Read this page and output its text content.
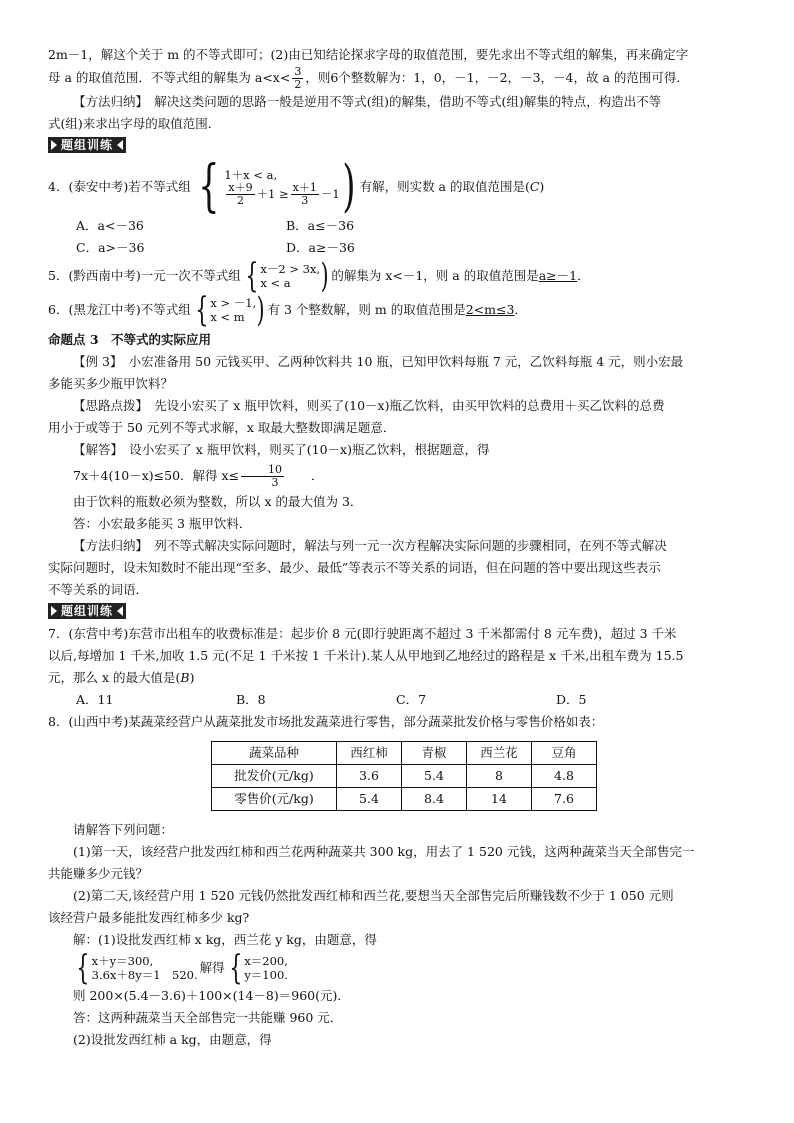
2m－1，解这个关于 m 的不等式即可；(2)由已知结论探求字母的取值范围，要先求出不等式组的解集，再来确定字

母 a 的取值范围．不等式组的解集为 $a<x< \frac{3}{2}$ ，则6个整数解为：1，0，－1，－2，－3，－4，故 a 的范围可得．

【方法归纳】　解决这类问题的思路一般是逆用不等式(组)的解集，借助不等式(组)解集的特点，构造出不等

式(组)来求出字母的取值范围．

题组训练
4．(泰安中考)若不等式组 { 1＋x < a,
$\frac{x+9}{2} +1 \ge \frac{x+1}{3} -1$ ) 有解，则实数 a 的取值范围是( C )
A．a<－36	B．a≤－36
C．a>－36	D．a≥－36
5．(黔西南中考)一元一次不等式组 { x－2 > 3x,
x < a ) 的解集为 x<－1，则 a 的取值范围是 a≥－1 ．
6．(黑龙江中考)不等式组 { x > －1,
x < m ) 有 3 个整数解，则 m 的取值范围是 2<m≤3 ．

命题点 3　不等式的实际应用

【例 3】　小宏准备用 50 元钱买甲、乙两种饮料共 10 瓶，已知甲饮料每瓶 7 元，乙饮料每瓶 4 元，则小宏最

多能买多少瓶甲饮料？

【思路点拨】　先设小宏买了 x 瓶甲饮料，则买了(10－x)瓶乙饮料，由买甲饮料的总费用＋买乙饮料的总费

用小于或等于 50 元列不等式求解，x 取最大整数即满足题意．

【解答】　设小宏买了 x 瓶甲饮料，则买了(10－x)瓶乙饮料，根据题意，得

7x＋4(10－x)≤50．解得 $x\le \frac{10}{3}$	．

由于饮料的瓶数必须为整数，所以 x 的最大值为 3．

答：小宏最多能买 3 瓶甲饮料．

【方法归纳】　列不等式解决实际问题时，解法与列一元一次方程解决实际问题的步骤相同，在列不等式解决

实际问题时，设未知数时不能出现“至多、最少、最低”等表示不等关系的词语，但在问题的答中要出现这些表示

不等关系的词语．

题组训练

7．(东营中考)东营市出租车的收费标准是：起步价 8 元(即行驶距离不超过 3 千米都需付 8 元车费)，超过 3 千米

以后,每增加 1 千米,加收 1.5 元(不足 1 千米按 1 千米计).某人从甲地到乙地经过的路程是 x 千米,出租车费为 15.5

元，那么 x 的最大值是(B)

A．11	B．8	C．7	D．5

8．(山西中考)某蔬菜经营户从蔬菜批发市场批发蔬菜进行零售，部分蔬菜批发价格与零售价格如表：

蔬菜品种	西红柿	青椒	西兰花	豆角
批发价(元/kg)	3.6	5.4	8	4.8
零售价(元/kg)	5.4	8.4	14	7.6

请解答下列问题：

(1)第一天，该经营户批发西红柿和西兰花两种蔬菜共 300 kg，用去了 1 520 元钱，这两种蔬菜当天全部售完一

共能赚多少元钱？

(2)第二天,该经营户用 1 520 元钱仍然批发西红柿和西兰花,要想当天全部售完后所赚钱数不少于 1 050 元则

该经营户最多能批发西红柿多少 kg?

解：(1)设批发西红柿 x kg，西兰花 y kg，由题意，得

{ x＋y＝300,
3.6x＋8y＝1　520. 解得 { x＝200,
y＝100.

则 200×(5.4－3.6)＋100×(14－8)＝960(元)．

答：这两种蔬菜当天全部售完一共能赚 960 元．

(2)设批发西红柿 a kg，由题意，得
